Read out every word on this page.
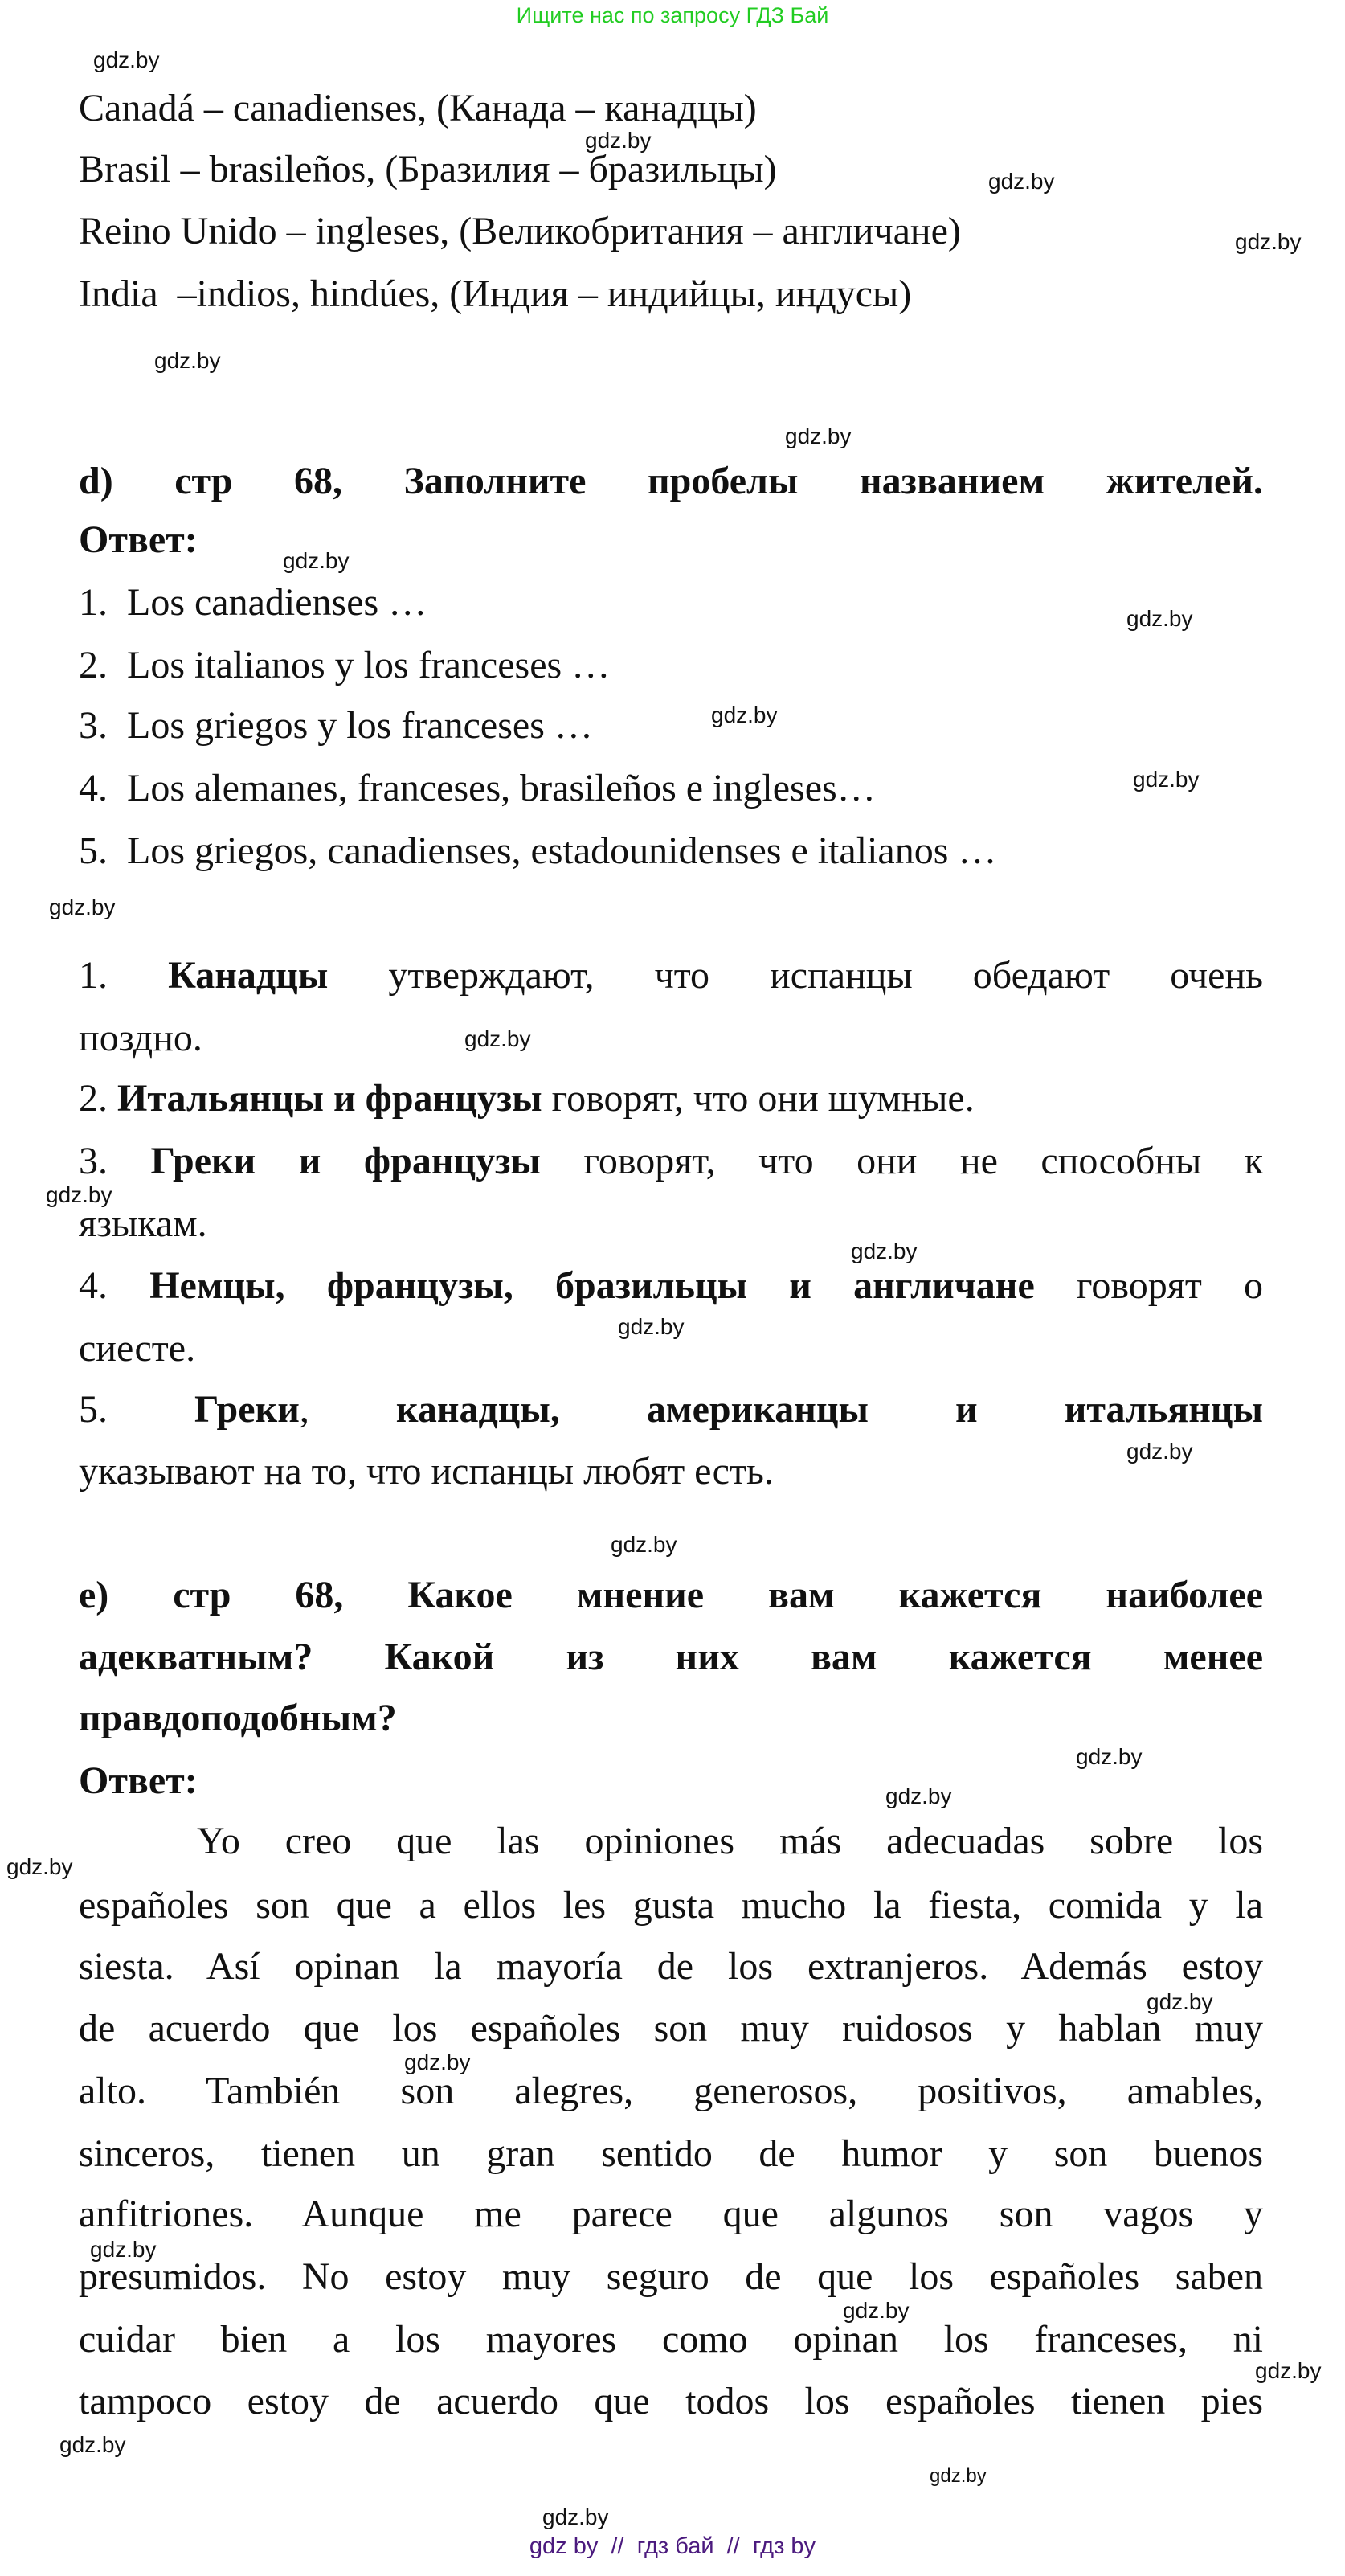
Ищите нас по запросу ГДЗ Бай
Canadá – canadienses, (Канада – канадцы)
Brasil – brasileños, (Бразилия – бразильцы)
Reino Unido – ingleses, (Великобритания – англичане)
India  –indios, hindúes, (Индия – индийцы, индусы)
d) стр 68, Заполните пробелы названием жителей.
Ответ:
1.  Los canadienses …
2.  Los italianos y los franceses …
3.  Los griegos y los franceses …
4.  Los alemanes, franceses, brasileños e ingleses…
5.  Los griegos, canadienses, estadounidenses e italianos …
1. Канадцы утверждают, что испанцы обедают очень
поздно.
2. Итальянцы и французы говорят, что они шумные.
3. Греки и французы говорят, что они не способны к
языкам.
4. Немцы, французы, бразильцы и англичане говорят о
сиесте.
5. Греки, канадцы, американцы и итальянцы
указывают на то, что испанцы любят есть.
e) стр 68, Какое мнение вам кажется наиболее
адекватным? Какой из них вам кажется менее
правдоподобным?
Ответ:
Yo creo que las opiniones más adecuadas sobre los
españoles son que a ellos les gusta mucho la fiesta, comida y la
siesta. Así opinan la mayoría de los extranjeros. Además estoy
de acuerdo que los españoles son muy ruidosos y hablan muy
alto. También son alegres, generosos, positivos, amables,
sinceros, tienen un gran sentido de humor y son buenos
anfitriones. Aunque me parece que algunos son vagos y
presumidos. No estoy muy seguro de que los españoles saben
cuidar bien a los mayores como opinan los franceses, ni
tampoco estoy de acuerdo que todos los españoles tienen pies
gdz.by
gdz.by
gdz.by
gdz.by
gdz.by
gdz.by
gdz.by
gdz.by
gdz.by
gdz.by
gdz.by
gdz.by
gdz.by
gdz.by
gdz.by
gdz.by
gdz.by
gdz.by
gdz.by
gdz.by
gdz.by
gdz.by
gdz.by
gdz.by
gdz.by
gdz.by
gdz.by
gdz.by
gdz by  //  гдз бай  //  гдз by
